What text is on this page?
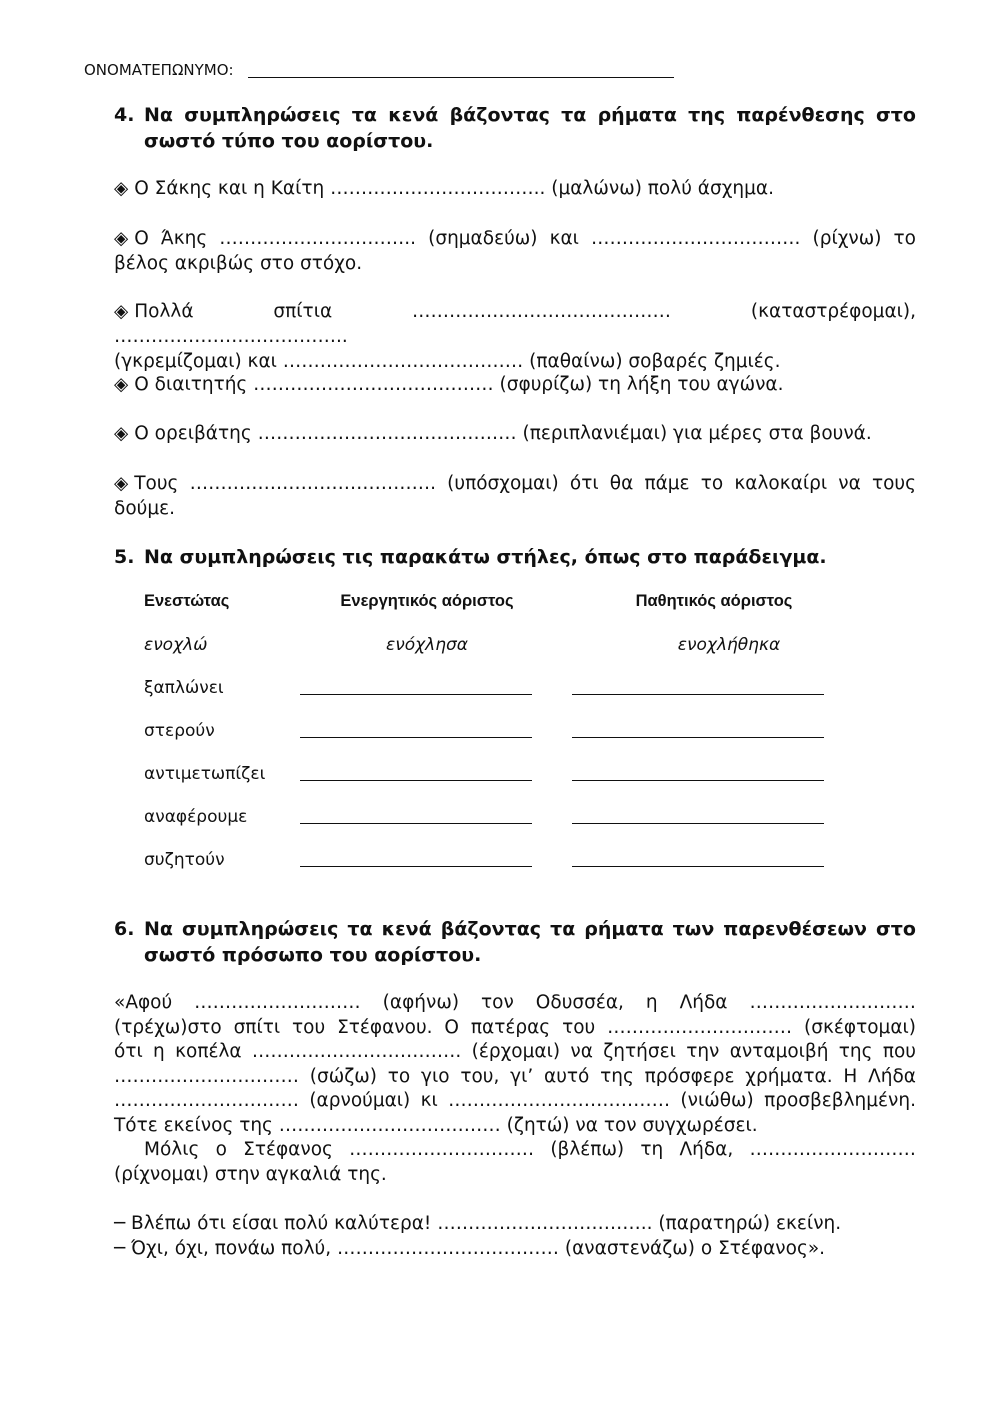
ΟΝΟΜΑΤΕΠΩΝΥΜΟ:
4. Να συμπληρώσεις τα κενά βάζοντας τα ρήματα της παρένθεσης στο σωστό τύπο του αορίστου.
◈ Ο Σάκης και η Καίτη …………………………….. (μαλώνω) πολύ άσχημα.
◈ Ο Άκης ………………………….. (σημαδεύω) και ……………………………. (ρίχνω) το
βέλος ακριβώς στο στόχο.
◈ Πολλά σπίτια …………………………………… (καταστρέφομαι), ………………………………..
(γκρεμίζομαι) και ………………………………… (παθαίνω) σοβαρές ζημιές.
◈ Ο διαιτητής ………………………………… (σφυρίζω) τη λήξη του αγώνα.
◈ Ο ορειβάτης …………………………………… (περιπλανιέμαι) για μέρες στα βουνά.
◈ Τους …………………………………. (υπόσχομαι) ότι θα πάμε το καλοκαίρι να τους
δούμε.
5. Να συμπληρώσεις τις παρακάτω στήλες, όπως στο παράδειγμα.
Ενεστώτας	Ενεργητικός αόριστος	Παθητικός αόριστος
ενοχλώ	ενόχλησα	ενοχλήθηκα
ξαπλώνει
στερούν
αντιμετωπίζει
αναφέρουμε
συζητούν
6. Να συμπληρώσεις τα κενά βάζοντας τα ρήματα των παρενθέσεων στο σωστό πρόσωπο του αορίστου.
«Αφού ……………………… (αφήνω) τον Οδυσσέα, η Λήδα ………………………
(τρέχω)στο σπίτι του Στέφανου. Ο πατέρας του ………………………… (σκέφτομαι)
ότι η κοπέλα ……………………………. (έρχομαι) να ζητήσει την ανταμοιβή της που
………………………… (σώζω) το γιο του, γι’ αυτό της πρόσφερε χρήματα. Η Λήδα
………………………… (αρνούμαι) κι ……………………………… (νιώθω) προσβεβλημένη.
Τότε εκείνος της ……………………………… (ζητώ) να τον συγχωρέσει.
Μόλις ο Στέφανος ………………………… (βλέπω) τη Λήδα, ………………………
(ρίχνομαι) στην αγκαλιά της.
─ Βλέπω ότι είσαι πολύ καλύτερα! …………………………….. (παρατηρώ) εκείνη.
─ Όχι, όχι, πονάω πολύ, ……………………………… (αναστενάζω) ο Στέφανος».
